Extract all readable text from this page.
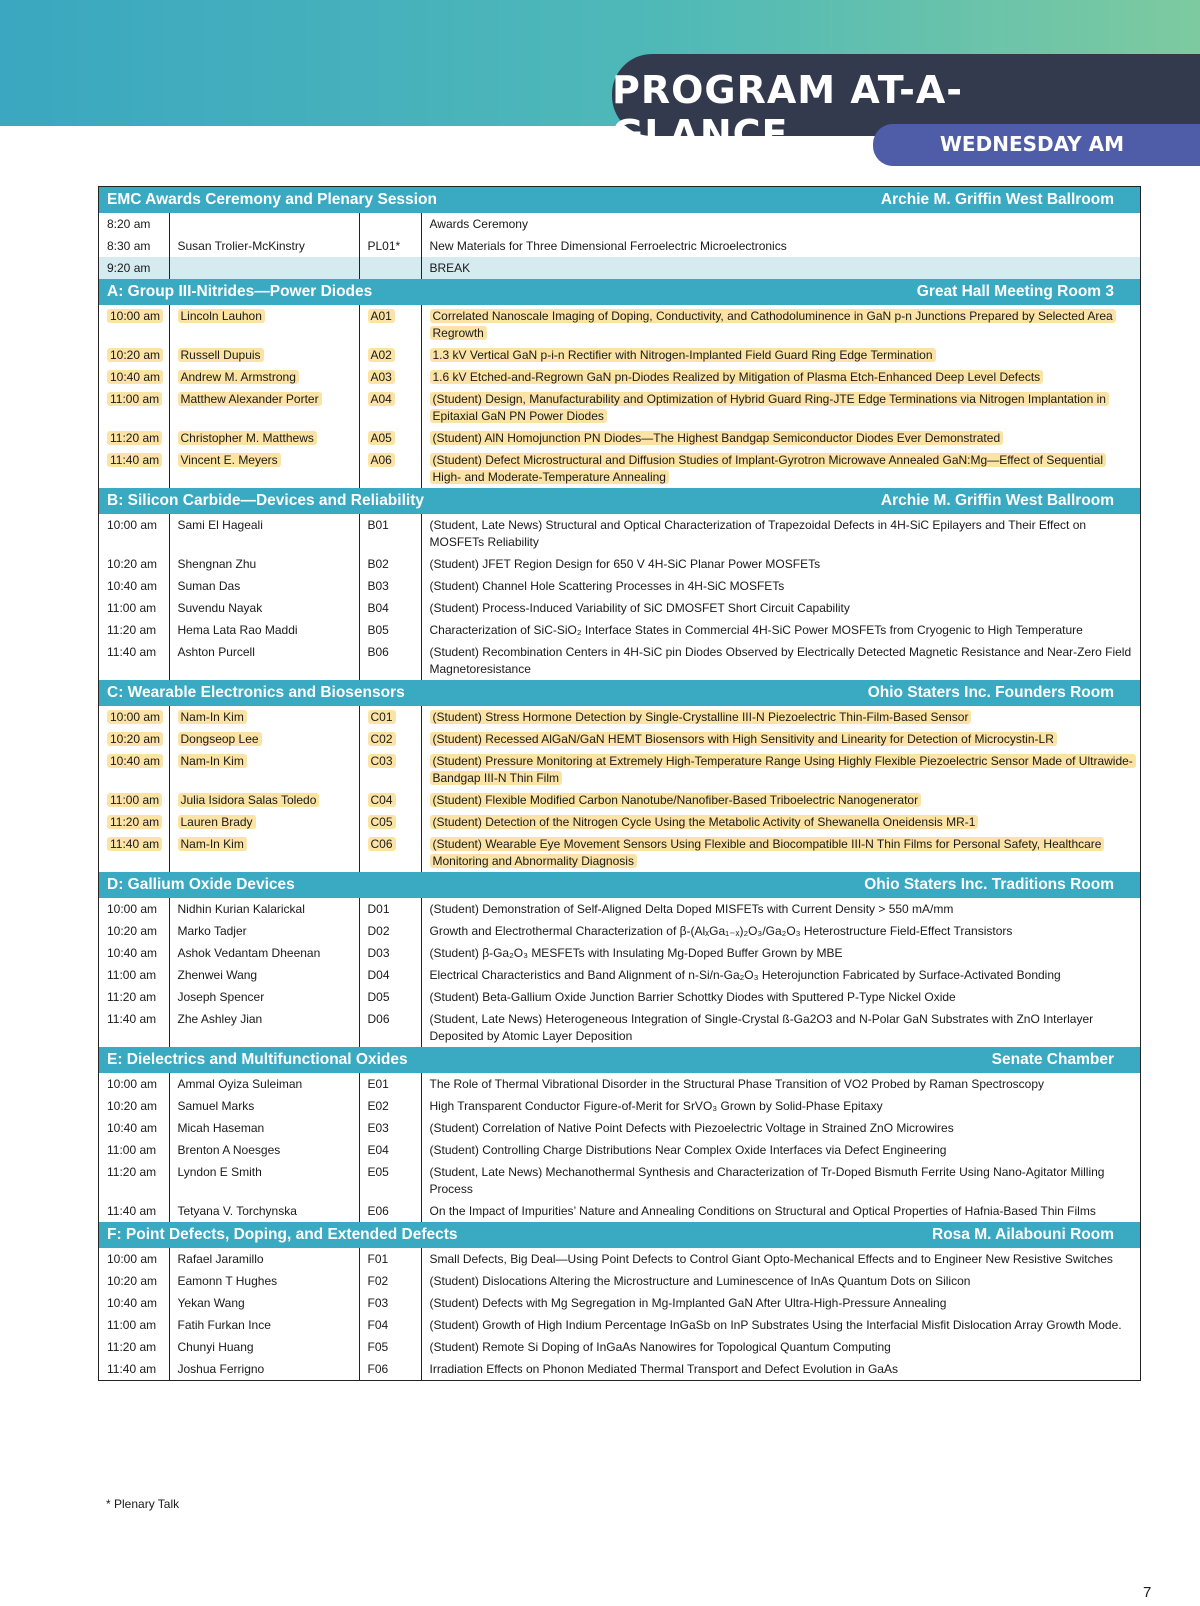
PROGRAM AT-A-GLANCE	WEDNESDAY AM
EMC Awards Ceremony and Plenary Session	Archie M. Griffin West Ballroom
8:20 am			Awards Ceremony
8:30 am	Susan Trolier-McKinstry	PL01*	New Materials for Three Dimensional Ferroelectric Microelectronics
9:20 am			BREAK
A: Group III-Nitrides—Power Diodes	Great Hall Meeting Room 3
10:00 am	Lincoln Lauhon	A01	Correlated Nanoscale Imaging of Doping, Conductivity, and Cathodoluminence in GaN p-n Junctions Prepared by Selected Area Regrowth
10:20 am	Russell Dupuis	A02	1.3 kV Vertical GaN p-i-n Rectifier with Nitrogen-Implanted Field Guard Ring Edge Termination
10:40 am	Andrew M. Armstrong	A03	1.6 kV Etched-and-Regrown GaN pn-Diodes Realized by Mitigation of Plasma Etch-Enhanced Deep Level Defects
11:00 am	Matthew Alexander Porter	A04	(Student) Design, Manufacturability and Optimization of Hybrid Guard Ring-JTE Edge Terminations via Nitrogen Implantation in Epitaxial GaN PN Power Diodes
11:20 am	Christopher M. Matthews	A05	(Student) AlN Homojunction PN Diodes—The Highest Bandgap Semiconductor Diodes Ever Demonstrated
11:40 am	Vincent E. Meyers	A06	(Student) Defect Microstructural and Diffusion Studies of Implant-Gyrotron Microwave Annealed GaN:Mg—Effect of Sequential High- and Moderate-Temperature Annealing
B: Silicon Carbide—Devices and Reliability	Archie M. Griffin West Ballroom
10:00 am	Sami El Hageali	B01	(Student, Late News) Structural and Optical Characterization of Trapezoidal Defects in 4H-SiC Epilayers and Their Effect on MOSFETs Reliability
10:20 am	Shengnan Zhu	B02	(Student) JFET Region Design for 650 V 4H-SiC Planar Power MOSFETs
10:40 am	Suman Das	B03	(Student) Channel Hole Scattering Processes in 4H-SiC MOSFETs
11:00 am	Suvendu Nayak	B04	(Student) Process-Induced Variability of SiC DMOSFET Short Circuit Capability
11:20 am	Hema Lata Rao Maddi	B05	Characterization of SiC-SiO₂ Interface States in Commercial 4H-SiC Power MOSFETs from Cryogenic to High Temperature
11:40 am	Ashton Purcell	B06	(Student) Recombination Centers in 4H-SiC pin Diodes Observed by Electrically Detected Magnetic Resistance and Near-Zero Field Magnetoresistance
C: Wearable Electronics and Biosensors	Ohio Staters Inc. Founders Room
10:00 am	Nam-In Kim	C01	(Student) Stress Hormone Detection by Single-Crystalline III-N Piezoelectric Thin-Film-Based Sensor
10:20 am	Dongseop Lee	C02	(Student) Recessed AlGaN/GaN HEMT Biosensors with High Sensitivity and Linearity for Detection of Microcystin-LR
10:40 am	Nam-In Kim	C03	(Student) Pressure Monitoring at Extremely High-Temperature Range Using Highly Flexible Piezoelectric Sensor Made of Ultrawide-Bandgap III-N Thin Film
11:00 am	Julia Isidora Salas Toledo	C04	(Student) Flexible Modified Carbon Nanotube/Nanofiber-Based Triboelectric Nanogenerator
11:20 am	Lauren Brady	C05	(Student) Detection of the Nitrogen Cycle Using the Metabolic Activity of Shewanella Oneidensis MR-1
11:40 am	Nam-In Kim	C06	(Student) Wearable Eye Movement Sensors Using Flexible and Biocompatible III-N Thin Films for Personal Safety, Healthcare Monitoring and Abnormality Diagnosis
D: Gallium Oxide Devices	Ohio Staters Inc. Traditions Room
10:00 am	Nidhin Kurian Kalarickal	D01	(Student) Demonstration of Self-Aligned Delta Doped MISFETs with Current Density > 550 mA/mm
10:20 am	Marko Tadjer	D02	Growth and Electrothermal Characterization of β-(AlₓGa₁₋ₓ)₂O₃/Ga₂O₃ Heterostructure Field-Effect Transistors
10:40 am	Ashok Vedantam Dheenan	D03	(Student) β-Ga₂O₃ MESFETs with Insulating Mg-Doped Buffer Grown by MBE
11:00 am	Zhenwei Wang	D04	Electrical Characteristics and Band Alignment of n-Si/n-Ga₂O₃ Heterojunction Fabricated by Surface-Activated Bonding
11:20 am	Joseph Spencer	D05	(Student) Beta-Gallium Oxide Junction Barrier Schottky Diodes with Sputtered P-Type Nickel Oxide
11:40 am	Zhe Ashley Jian	D06	(Student, Late News) Heterogeneous Integration of Single-Crystal ß-Ga2O3 and N-Polar GaN Substrates with ZnO Interlayer Deposited by Atomic Layer Deposition
E: Dielectrics and Multifunctional Oxides	Senate Chamber
10:00 am	Ammal Oyiza Suleiman	E01	The Role of Thermal Vibrational Disorder in the Structural Phase Transition of VO2 Probed by Raman Spectroscopy
10:20 am	Samuel Marks	E02	High Transparent Conductor Figure-of-Merit for SrVO₃ Grown by Solid-Phase Epitaxy
10:40 am	Micah Haseman	E03	(Student) Correlation of Native Point Defects with Piezoelectric Voltage in Strained ZnO Microwires
11:00 am	Brenton A Noesges	E04	(Student) Controlling Charge Distributions Near Complex Oxide Interfaces via Defect Engineering
11:20 am	Lyndon E Smith	E05	(Student, Late News) Mechanothermal Synthesis and Characterization of Tr-Doped Bismuth Ferrite Using Nano-Agitator Milling Process
11:40 am	Tetyana V. Torchynska	E06	On the Impact of Impurities’ Nature and Annealing Conditions on Structural and Optical Properties of Hafnia-Based Thin Films
F: Point Defects, Doping, and Extended Defects	Rosa M. Ailabouni Room
10:00 am	Rafael Jaramillo	F01	Small Defects, Big Deal—Using Point Defects to Control Giant Opto-Mechanical Effects and to Engineer New Resistive Switches
10:20 am	Eamonn T Hughes	F02	(Student) Dislocations Altering the Microstructure and Luminescence of InAs Quantum Dots on Silicon
10:40 am	Yekan Wang	F03	(Student) Defects with Mg Segregation in Mg-Implanted GaN After Ultra-High-Pressure Annealing
11:00 am	Fatih Furkan Ince	F04	(Student) Growth of High Indium Percentage InGaSb on InP Substrates Using the Interfacial Misfit Dislocation Array Growth Mode.
11:20 am	Chunyi Huang	F05	(Student) Remote Si Doping of InGaAs Nanowires for Topological Quantum Computing
11:40 am	Joshua Ferrigno	F06	Irradiation Effects on Phonon Mediated Thermal Transport and Defect Evolution in GaAs
* Plenary Talk
7
